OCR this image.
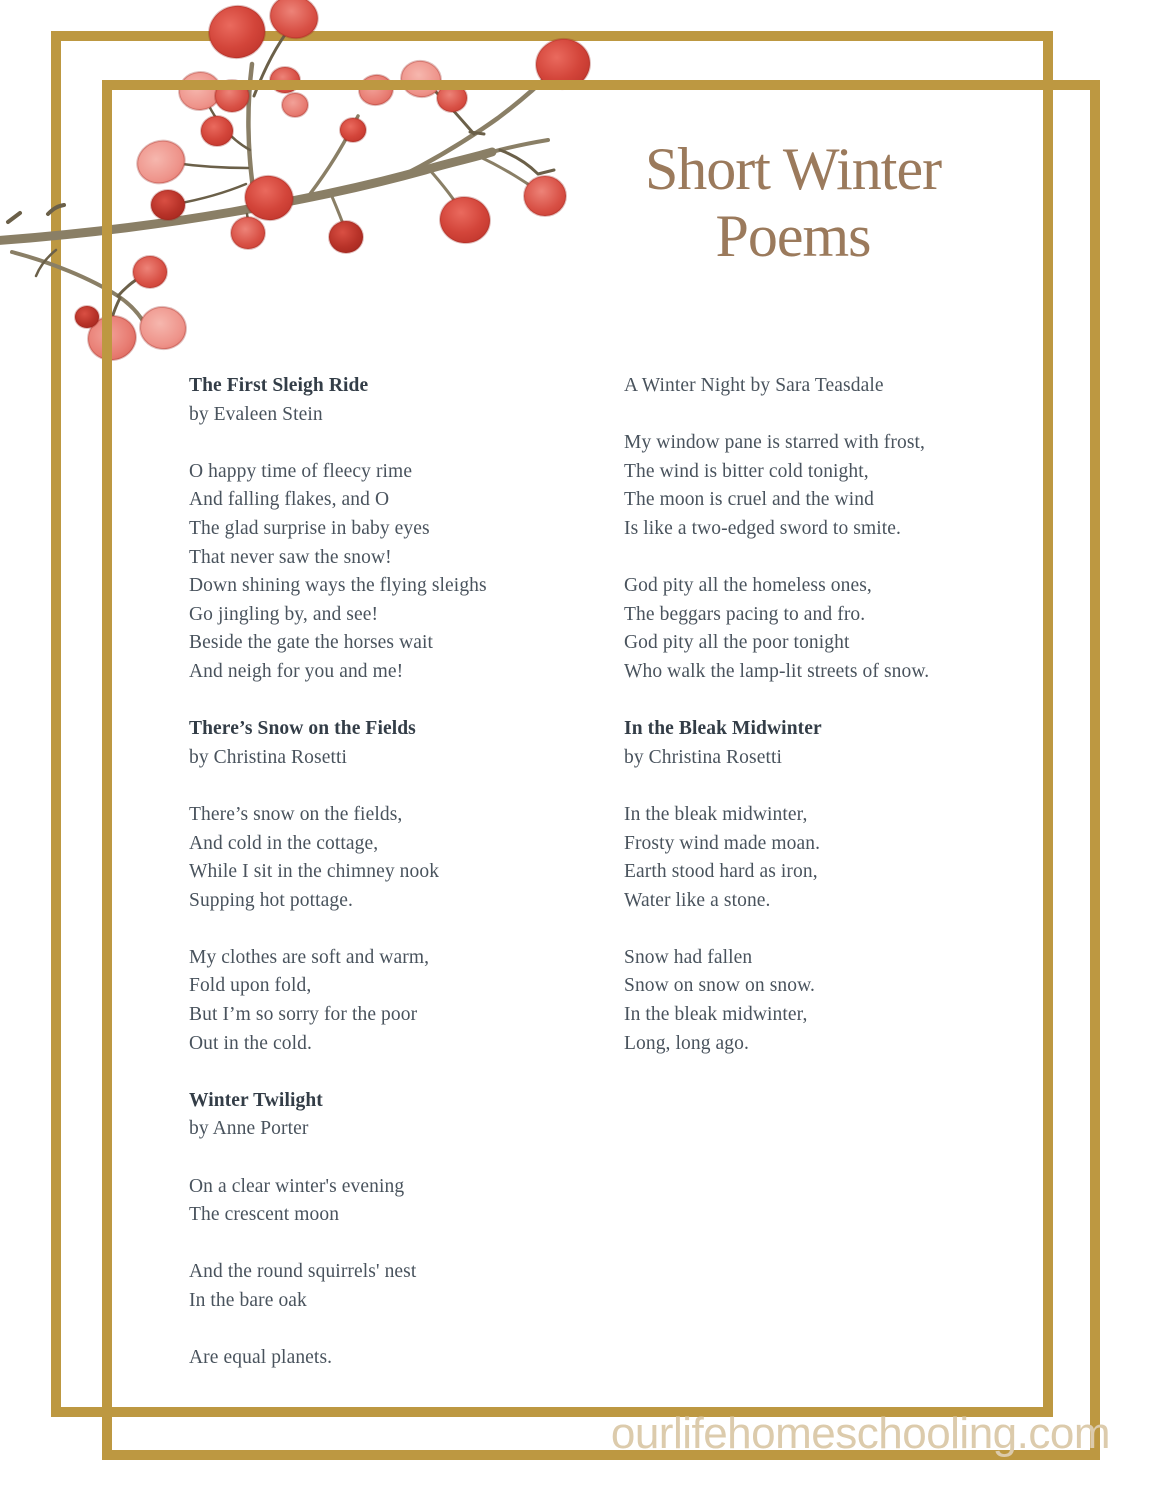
Short Winter
Poems
The First Sleigh Ride
by Evaleen Stein
O happy time of fleecy rime
And falling flakes, and O
The glad surprise in baby eyes
That never saw the snow!
Down shining ways the flying sleighs
Go jingling by, and see!
Beside the gate the horses wait
And neigh for you and me!
There’s Snow on the Fields
by Christina Rosetti
There’s snow on the fields,
And cold in the cottage,
While I sit in the chimney nook
Supping hot pottage.
My clothes are soft and warm,
Fold upon fold,
But I’m so sorry for the poor
Out in the cold.
Winter Twilight
by Anne Porter
On a clear winter's evening
The crescent moon
And the round squirrels' nest
In the bare oak
Are equal planets.
A Winter Night by Sara Teasdale
My window pane is starred with frost,
The wind is bitter cold tonight,
The moon is cruel and the wind
Is like a two-edged sword to smite.
God pity all the homeless ones,
The beggars pacing to and fro.
God pity all the poor tonight
Who walk the lamp-lit streets of snow.
In the Bleak Midwinter
by Christina Rosetti
In the bleak midwinter,
Frosty wind made moan.
Earth stood hard as iron,
Water like a stone.
Snow had fallen
Snow on snow on snow.
In the bleak midwinter,
Long, long ago.
ourlifehomeschooling.com
